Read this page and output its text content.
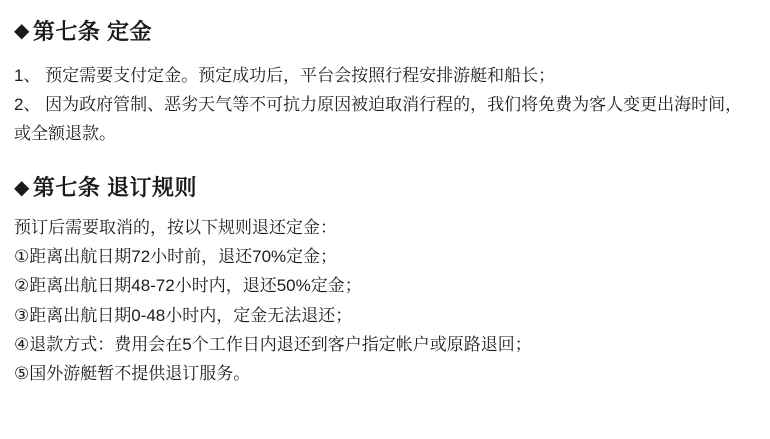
◆ 第七条 定金

1、 预定需要支付定金。预定成功后，平台会按照行程安排游艇和船长；

2、 因为政府管制、恶劣天气等不可抗力原因被迫取消行程的，我们将免费为客人变更出海时间，或全额退款。

◆ 第七条 退订规则

预订后需要取消的，按以下规则退还定金：

①距离出航日期72小时前，退还70%定金；

②距离出航日期48-72小时内，退还50%定金；

③距离出航日期0-48小时内，定金无法退还；

④退款方式：费用会在5个工作日内退还到客户指定帐户或原路退回；

⑤国外游艇暂不提供退订服务。
